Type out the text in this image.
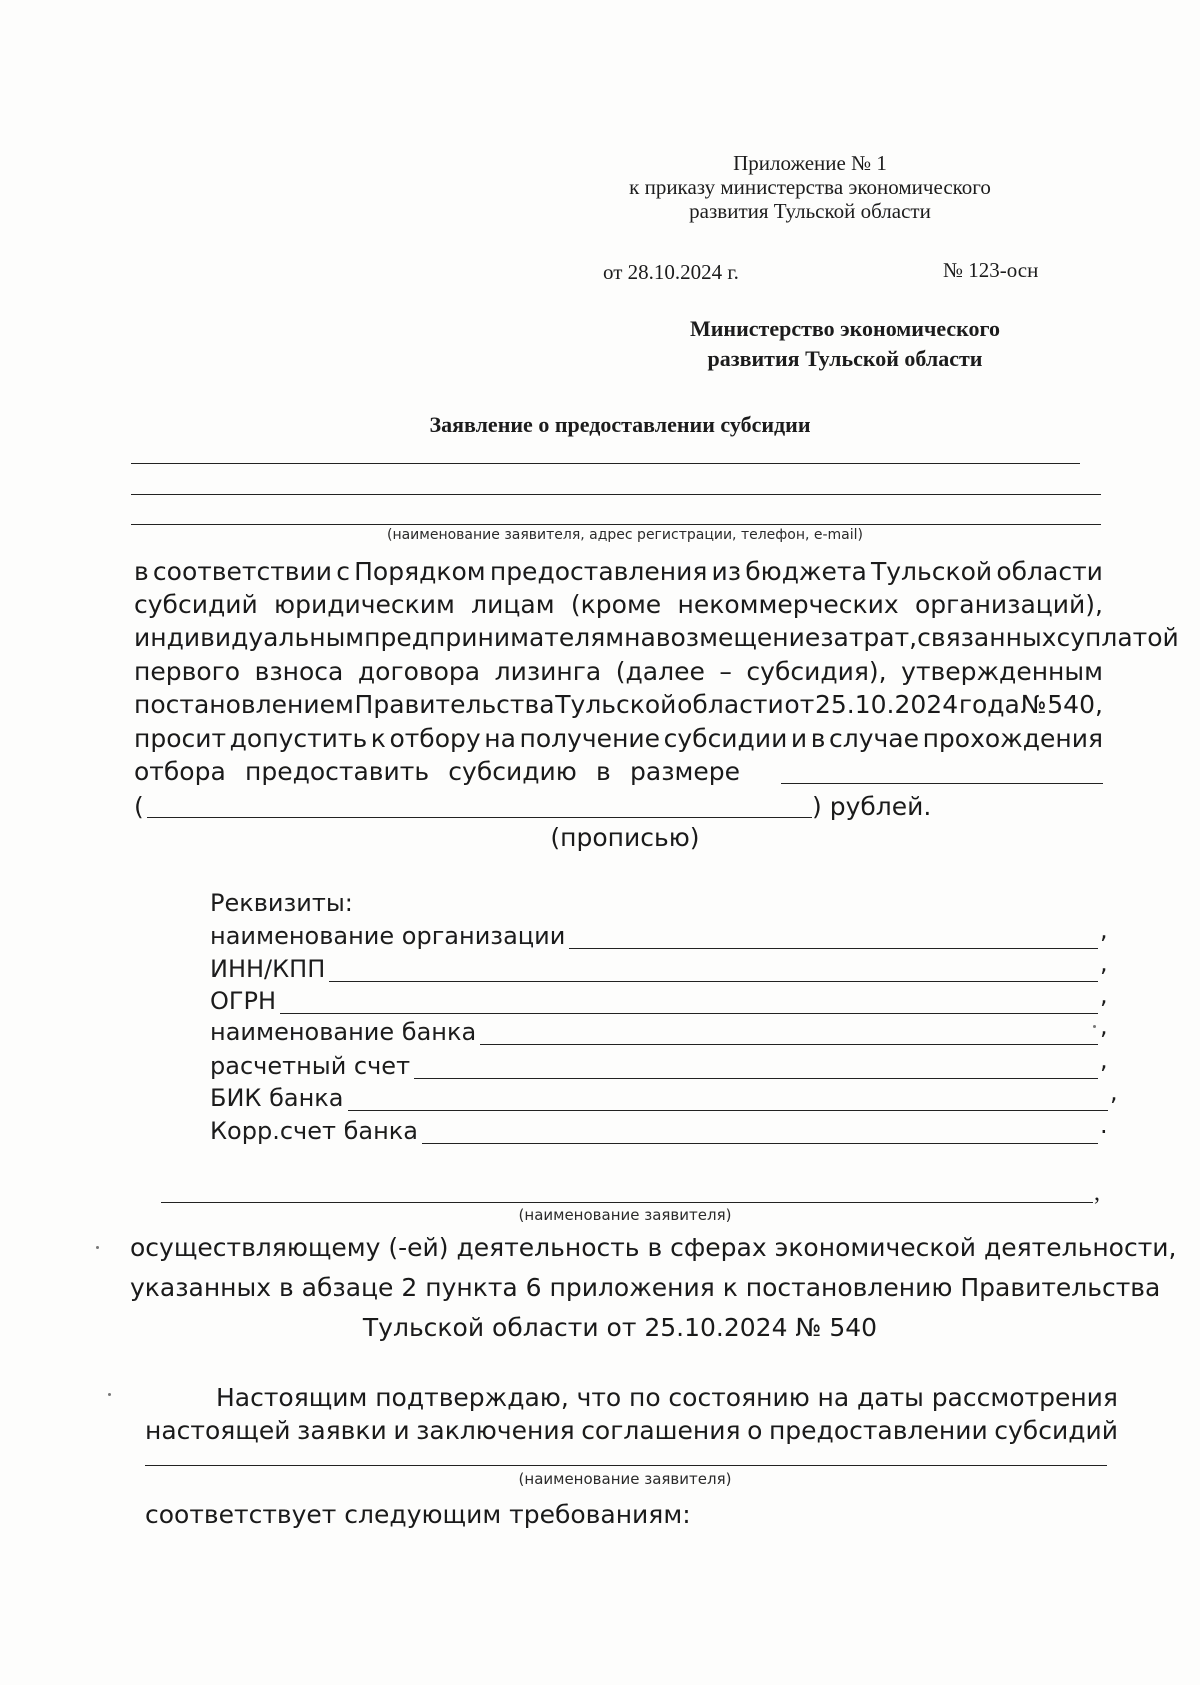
Приложение № 1
к приказу министерства экономического
развития Тульской области
от 28.10.2024 г.	№ 123-осн
Министерство экономического
развития Тульской области
Заявление о предоставлении субсидии
(наименование заявителя, адрес регистрации, телефон, e-mail)
в соответствии с Порядком предоставления из бюджета Тульской области
субсидий юридическим лицам (кроме некоммерческих организаций),
индивидуальным предпринимателям на возмещение затрат, связанных с уплатой
первого взноса договора лизинга (далее – субсидия), утвержденным
постановлением Правительства Тульской области от 25.10.2024 года № 540,
просит допустить к отбору на получение субсидии и в случае прохождения
отбора предоставить субсидию в размере
(	) рублей.
(прописью)
Реквизиты:
наименование организации	,
ИНН/КПП	,
ОГРН	,
наименование банка	,
расчетный счет	,
БИК банка	,
Корр.счет банка	.
,
(наименование заявителя)
осуществляющему (-ей) деятельность в сферах экономической деятельности,
указанных в абзаце 2 пункта 6 приложения к постановлению Правительства
Тульской области от 25.10.2024 № 540
Настоящим подтверждаю, что по состоянию на даты рассмотрения
настоящей заявки и заключения соглашения о предоставлении субсидий
(наименование заявителя)
соответствует следующим требованиям:
